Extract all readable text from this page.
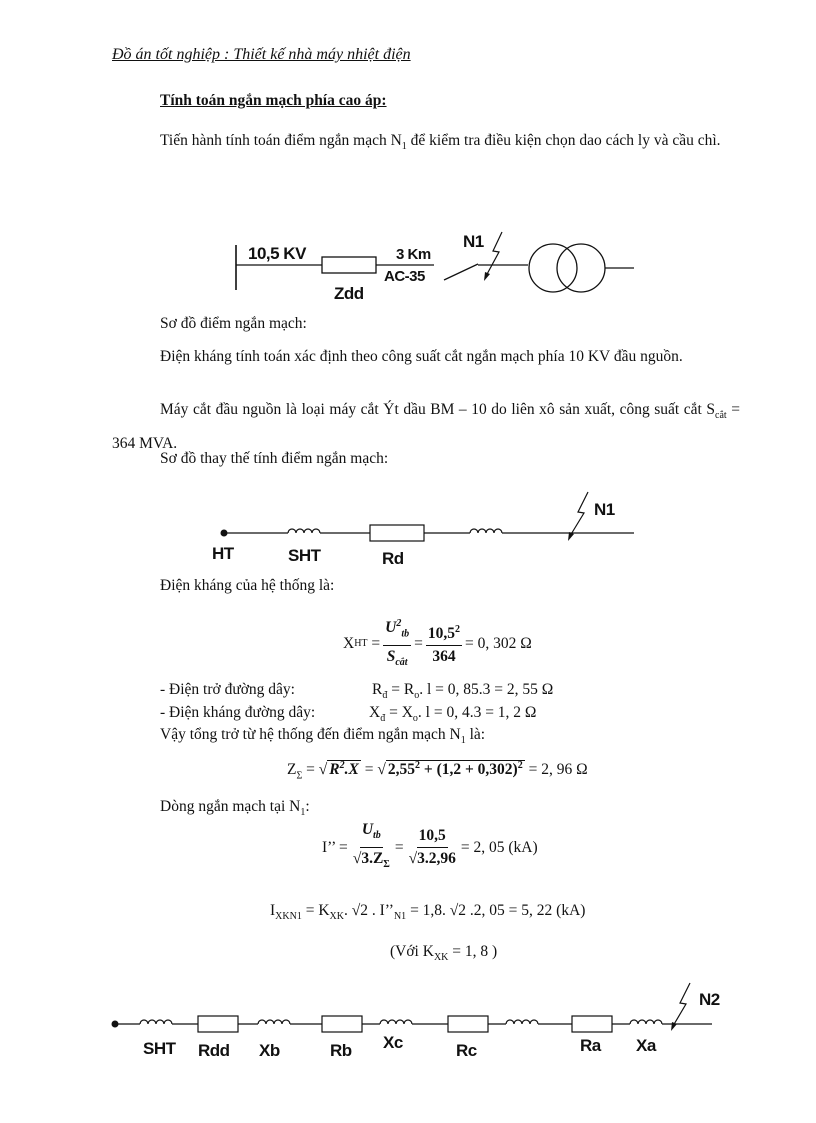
Đồ án tốt nghiệp : Thiết kế nhà máy nhiệt điện
Tính toán ngắn mạch phía cao áp:
Tiến hành tính toán điểm ngắn mạch $N_1$ để kiểm tra điều kiện chọn dao cách ly và cầu chì.
10,5 KV	3 Km
AC-35
Zdd
N1
Sơ đồ điểm ngắn mạch:
Điện kháng tính toán xác định theo công suất cắt ngắn mạch phía 10 KV đầu nguồn.
Máy cắt đầu nguồn là loại máy cắt Ýt dầu BM – 10 do liên xô sản xuất, công suất cắt $S_{cắt} = 364$ MVA.
Sơ đồ thay thế tính điểm ngắn mạch:
HT	SHT	Rd
N1
Điện kháng của hệ thống là:
X HT = $\frac{U^2_{tb}}{S_{cắt}} = \frac{10,5^2}{364} = 0$, 302 Ω
- Điện trở đường dây:	$R_đ = R_o$. l = 0, 85.3 = 2, 55 Ω
- Điện kháng đường dây:	$X_đ = X_o$. l = 0, 4.3 = 1, 2 Ω
Vậy tổng trở từ hệ thống đến điểm ngắn mạch $N_1$ là:
$Z_\Sigma$ = √ $R^2.X$ = √ $2,55^2 + (1,2 + 0,302)^2 = 2$, 96 Ω
Dòng ngắn mạch tại $N_1$:
I’’ = $\frac{U_{tb}}{√3.Z_\Sigma} = \frac{10,5}{√3.2,96} = 2$, 05 (kA)
$I_{XKN1} = K_{XK}$. √2 . $I’’_{N1} = 1,8$. √2 .2, 05 = 5, 22 (kA)
(Với $K_{XK} = 1$, 8 )
SHT Rdd Xb	Rb Xc	Rc	Ra Xa
N2
